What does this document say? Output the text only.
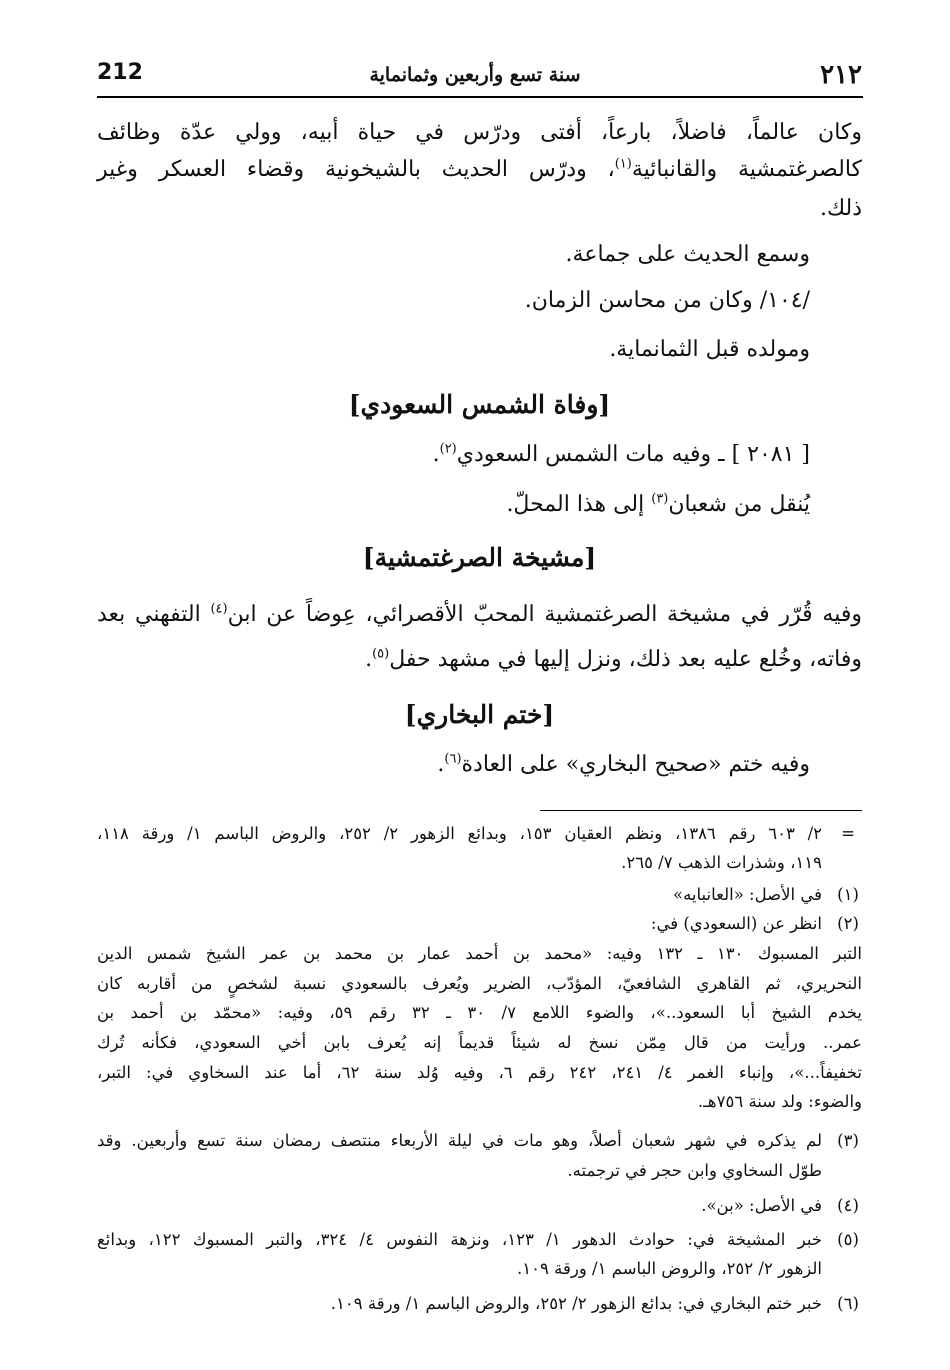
212	سنة تسع وأربعين وثمانماية	٢١٢
وكان عالماً، فاضلاً، بارعاً، أفتى ودرّس في حياة أبيه، وولي عدّة وظائف
كالصرغتمشية والقانبائية$^{(١)}$، ودرّس الحديث بالشيخونية وقضاء العسكر وغير
ذلك.
وسمع الحديث على جماعة.
/١٠٤/ وكان من محاسن الزمان.
ومولده قبل الثمانماية.
[وفاة الشمس السعودي]
[ ٢٠٨١ ] ـ وفيه مات الشمس السعودي$^{(٢)}$.
يُنقل من شعبان$^{(٣)}$ إلى هذا المحلّ.
[مشيخة الصرغتمشية]
وفيه قُرّر في مشيخة الصرغتمشية المحبّ الأقصرائي، عِوضاً عن ابن$^{(٤)}$ التفهني بعد
وفاته، وخُلع عليه بعد ذلك، ونزل إليها في مشهد حفل$^{(٥)}$.
[ختم البخاري]
وفيه ختم «صحيح البخاري» على العادة$^{(٦)}$.
=
٢/ ٦٠٣ رقم ١٣٨٦، ونظم العقيان ١٥٣، وبدائع الزهور ٢/ ٢٥٢، والروض الباسم ١/ ورقة ١١٨،
١١٩، وشذرات الذهب ٧/ ٢٦٥.
(١)
في الأصل: «العانبايه»
(٢)
انظر عن (السعودي) في:
التبر المسبوك ١٣٠ ـ ١٣٢ وفيه: «محمد بن أحمد عمار بن محمد بن عمر الشيخ شمس الدين
النحريري، ثم القاهري الشافعيّ، المؤدّب، الضرير ويُعرف بالسعودي نسبة لشخصٍ من أقاربه كان
يخدم الشيخ أبا السعود..»، والضوء اللامع ٧/ ٣٠ ـ ٣٢ رقم ٥٩، وفيه: «محمّد بن أحمد بن
عمر.. ورأيت من قال مِمّن نسخ له شيئاً قديماً إنه يُعرف بابن أخي السعودي، فكأنه تُرك
تخفيفاً...»، وإنباء الغمر ٤/ ٢٤١، ٢٤٢ رقم ٦، وفيه وُلد سنة ٦٢، أما عند السخاوي في: التبر،
والضوء: ولد سنة ٧٥٦هـ.
(٣)
لم يذكره في شهر شعبان أصلاً، وهو مات في ليلة الأربعاء منتصف رمضان سنة تسع وأربعين. وقد
طوّل السخاوي وابن حجر في ترجمته.
(٤)
في الأصل: «بن».
(٥)
خبر المشيخة في: حوادث الدهور ١/ ١٢٣، ونزهة النفوس ٤/ ٣٢٤، والتبر المسبوك ١٢٢، وبدائع
الزهور ٢/ ٢٥٢، والروض الباسم ١/ ورقة ١٠٩.
(٦)
خبر ختم البخاري في: بدائع الزهور ٢/ ٢٥٢، والروض الباسم ١/ ورقة ١٠٩.
